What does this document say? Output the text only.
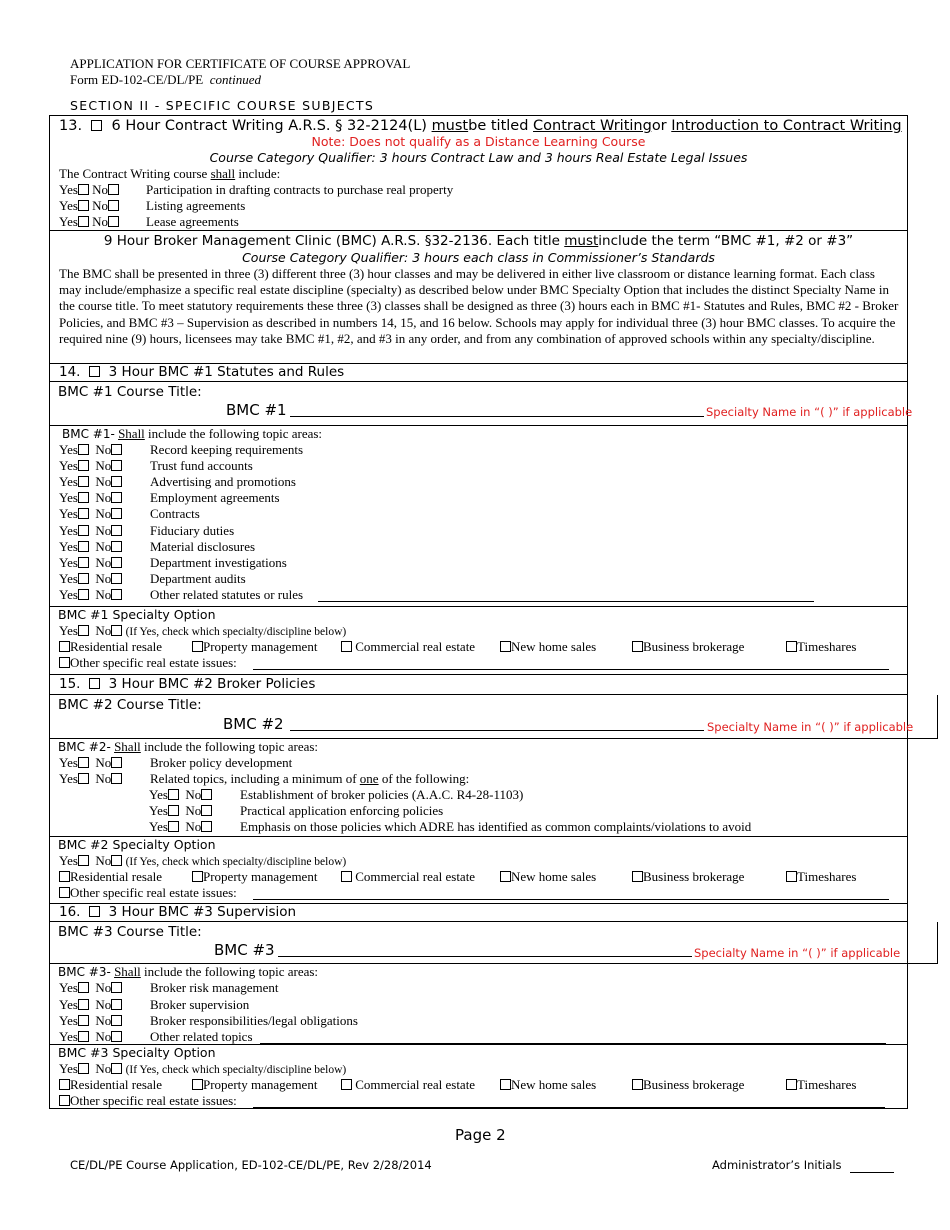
APPLICATION FOR CERTIFICATE OF COURSE APPROVAL
Form ED-102-CE/DL/PE continued
SECTION II - SPECIFIC COURSE SUBJECTS
13. 6 Hour Contract Writing A.R.S. § 32-2124(L) mustbe titled Contract Writingor Introduction to Contract Writing
Note: Does not qualify as a Distance Learning Course
Course Category Qualifier: 3 hours Contract Law and 3 hours Real Estate Legal Issues
The Contract Writing course shall include:
Yes No	Participation in drafting contracts to purchase real property
Yes No	Listing agreements
Yes No	Lease agreements
9 Hour Broker Management Clinic (BMC) A.R.S. §32-2136. Each title mustinclude the term “BMC #1, #2 or #3”
Course Category Qualifier: 3 hours each class in Commissioner’s Standards
The BMC shall be presented in three (3) different three (3) hour classes and may be delivered in either live classroom or distance learning format. Each class may include/emphasize a specific real estate discipline (specialty) as described below under BMC Specialty Option that includes the distinct Specialty Name in the course title. To meet statutory requirements these three (3) classes shall be designed as three (3) hours each in BMC #1- Statutes and Rules, BMC #2 - Broker Policies, and BMC #3 – Supervision as described in numbers 14, 15, and 16 below. Schools may apply for individual three (3) hour BMC classes. To acquire the required nine (9) hours, licensees may take BMC #1, #2, and #3 in any order, and from any combination of approved schools within any specialty/discipline.
14. 3 Hour BMC #1 Statutes and Rules
BMC #1 Course Title:
BMC #1	Specialty Name in “( )” if applicable
BMC #1- Shall include the following topic areas:
Yes No	Record keeping requirements
Yes No	Trust fund accounts
Yes No	Advertising and promotions
Yes No	Employment agreements
Yes No	Contracts
Yes No	Fiduciary duties
Yes No	Material disclosures
Yes No	Department investigations
Yes No	Department audits
Yes No	Other related statutes or rules
BMC #1 Specialty Option
Yes No (If Yes, check which specialty/discipline below)
Residential resale	Property management	Commercial real estate	New home sales	Business brokerage	Timeshares
Other specific real estate issues:
15. 3 Hour BMC #2 Broker Policies
BMC #2 Course Title:
BMC #2	Specialty Name in “( )” if applicable
BMC #2- Shall include the following topic areas:
Yes No	Broker policy development
Yes No	Related topics, including a minimum of one of the following:
Yes No	Establishment of broker policies (A.A.C. R4-28-1103)
Yes No	Practical application enforcing policies
Yes No	Emphasis on those policies which ADRE has identified as common complaints/violations to avoid
BMC #2 Specialty Option
Yes No (If Yes, check which specialty/discipline below)
Residential resale	Property management	Commercial real estate	New home sales	Business brokerage	Timeshares
Other specific real estate issues:
16. 3 Hour BMC #3 Supervision
BMC #3 Course Title:
BMC #3	Specialty Name in “( )” if applicable
BMC #3- Shall include the following topic areas:
Yes No	Broker risk management
Yes No	Broker supervision
Yes No	Broker responsibilities/legal obligations
Yes No	Other related topics
BMC #3 Specialty Option
Yes No (If Yes, check which specialty/discipline below)
Residential resale	Property management	Commercial real estate	New home sales	Business brokerage	Timeshares
Other specific real estate issues:
Page 2
CE/DL/PE Course Application, ED-102-CE/DL/PE, Rev 2/28/2014	Administrator’s Initials
